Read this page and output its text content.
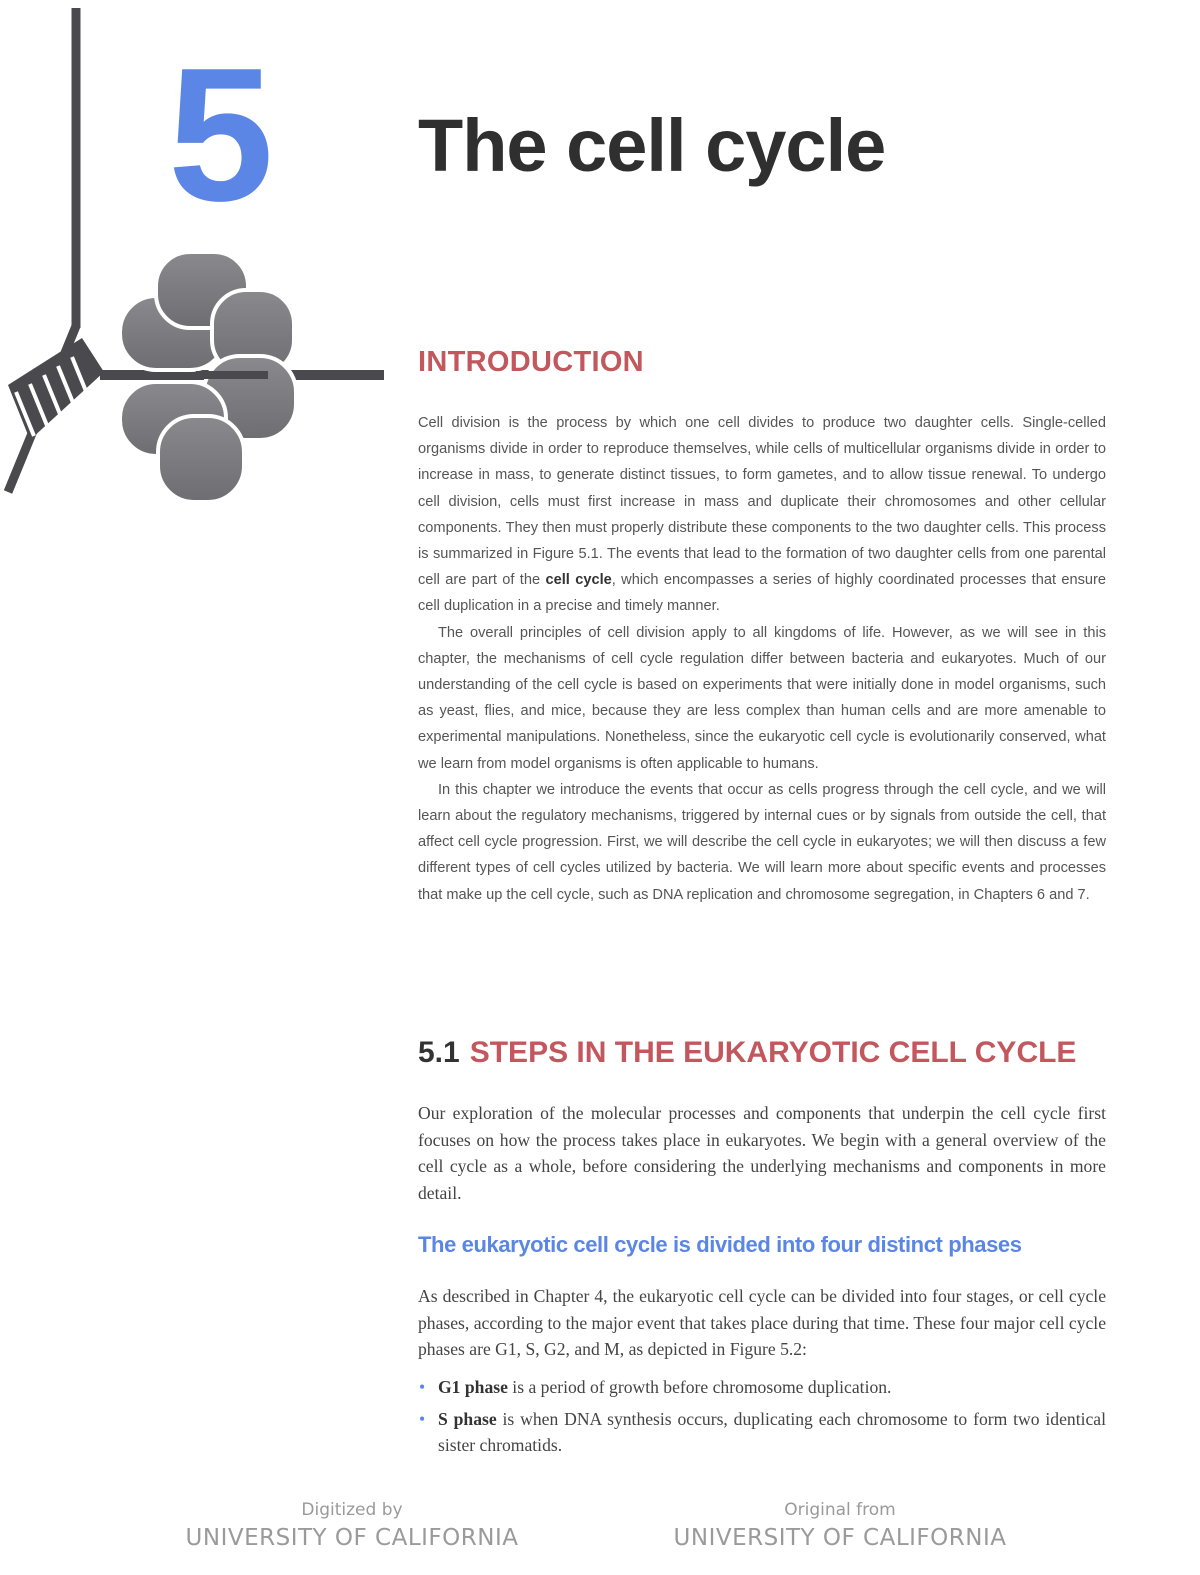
5 The cell cycle
INTRODUCTION

Cell division is the process by which one cell divides to produce two daughter cells. Single-celled organisms divide in order to reproduce themselves, while cells of multicellular organisms divide in order to increase in mass, to generate distinct tissues, to form gametes, and to allow tissue renewal. To undergo cell division, cells must first increase in mass and duplicate their chromosomes and other cellular components. They then must properly distribute these components to the two daughter cells. This process is summarized in Figure 5.1. The events that lead to the formation of two daughter cells from one parental cell are part of the cell cycle, which encompasses a series of highly coordinated processes that ensure cell duplication in a precise and timely manner.

The overall principles of cell division apply to all kingdoms of life. However, as we will see in this chapter, the mechanisms of cell cycle regulation differ between bacteria and eukaryotes. Much of our understanding of the cell cycle is based on experiments that were initially done in model organisms, such as yeast, flies, and mice, because they are less complex than human cells and are more amenable to experimental manipulations. Nonetheless, since the eukaryotic cell cycle is evolutionarily conserved, what we learn from model organisms is often applicable to humans.

In this chapter we introduce the events that occur as cells progress through the cell cycle, and we will learn about the regulatory mechanisms, triggered by internal cues or by signals from outside the cell, that affect cell cycle progression. First, we will describe the cell cycle in eukaryotes; we will then discuss a few different types of cell cycles utilized by bacteria. We will learn more about specific events and processes that make up the cell cycle, such as DNA replication and chromosome segregation, in Chapters 6 and 7.

5.1 STEPS IN THE EUKARYOTIC CELL CYCLE

Our exploration of the molecular processes and components that underpin the cell cycle first focuses on how the process takes place in eukaryotes. We begin with a general overview of the cell cycle as a whole, before considering the underlying mechanisms and components in more detail.

The eukaryotic cell cycle is divided into four distinct phases

As described in Chapter 4, the eukaryotic cell cycle can be divided into four stages, or cell cycle phases, according to the major event that takes place during that time. These four major cell cycle phases are G1, S, G2, and M, as depicted in Figure 5.2:

• G1 phase is a period of growth before chromosome duplication.
• S phase is when DNA synthesis occurs, duplicating each chromosome to form two identical sister chromatids.
Digitized by
UNIVERSITY OF CALIFORNIA
Original from
UNIVERSITY OF CALIFORNIA
